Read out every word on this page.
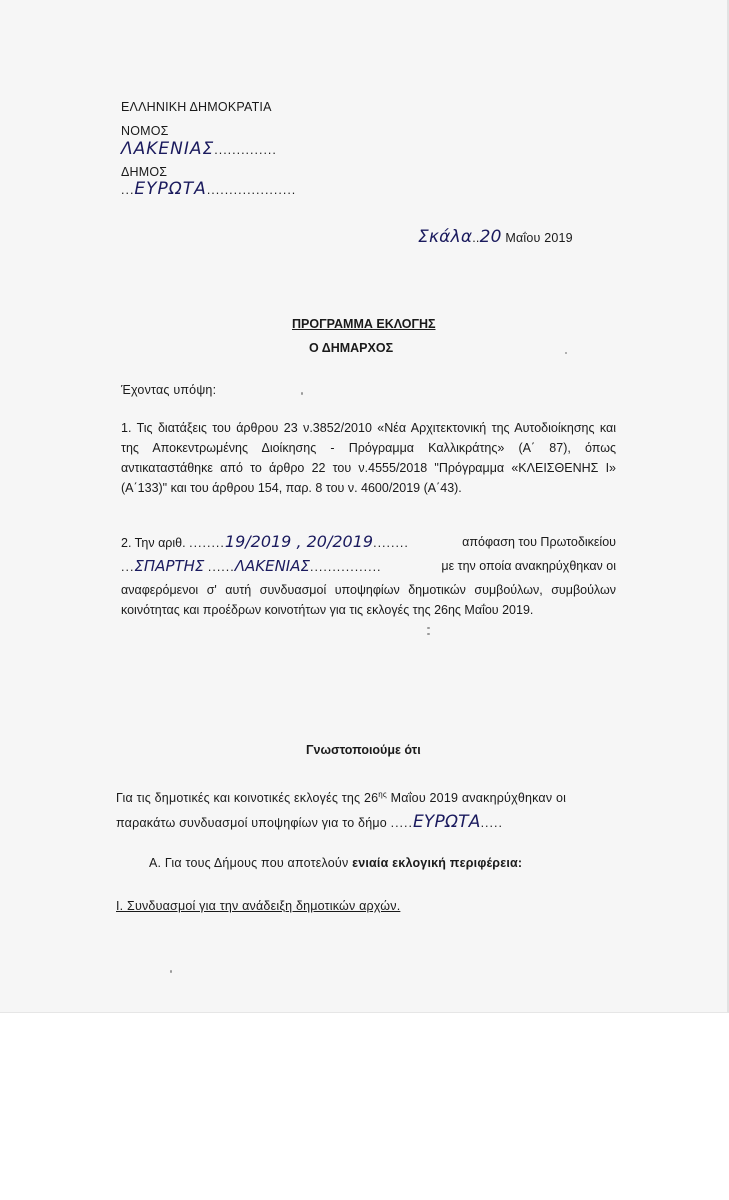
ΕΛΛΗΝΙΚΗ ΔΗΜΟΚΡΑΤΙΑ
ΝΟΜΟΣ
ΛΑΚΕΝΙΑΣ..............
ΔΗΜΟΣ
...ΕΥΡΩΤΑ....................
Σκάλα..20 Μαΐου 2019
ΠΡΟΓΡΑΜΜΑ ΕΚΛΟΓΗΣ
Ο ΔΗΜΑΡΧΟΣ
Έχοντας υπόψη:
1. Τις διατάξεις του άρθρου 23 ν.3852/2010 «Νέα Αρχιτεκτονική της Αυτοδιοίκησης και της Αποκεντρωμένης Διοίκησης - Πρόγραμμα Καλλικράτης» (Α΄ 87), όπως αντικαταστάθηκε από το άρθρο 22 του ν.4555/2018 "Πρόγραμμα «ΚΛΕΙΣΘΕΝΗΣ Ι» (Α΄133)" και του άρθρου 154, παρ. 8 του ν. 4600/2019 (Α΄43).
2. Την αριθ. ........19/2019 , 20/2019........	απόφαση του Πρωτοδικείου
...ΣΠΑΡΤΗΣ ......ΛΑΚΕΝΙΑΣ................	με την οποία ανακηρύχθηκαν οι
αναφερόμενοι σ' αυτή συνδυασμοί υποψηφίων δημοτικών συμβούλων, συμβούλων κοινότητας και προέδρων κοινοτήτων για τις εκλογές της 26ης Μαΐου 2019.
Γνωστοποιούμε ότι
Για τις δημοτικές και κοινοτικές εκλογές της $26^{\eta\varsigma}$ Μαΐου 2019 ανακηρύχθηκαν οι
παρακάτω συνδυασμοί υποψηφίων για το δήμο .....ΕΥΡΩΤΑ.....
Α. Για τους Δήμους που αποτελούν ενιαία εκλογική περιφέρεια:
Ι. Συνδυασμοί για την ανάδειξη δημοτικών αρχών.
